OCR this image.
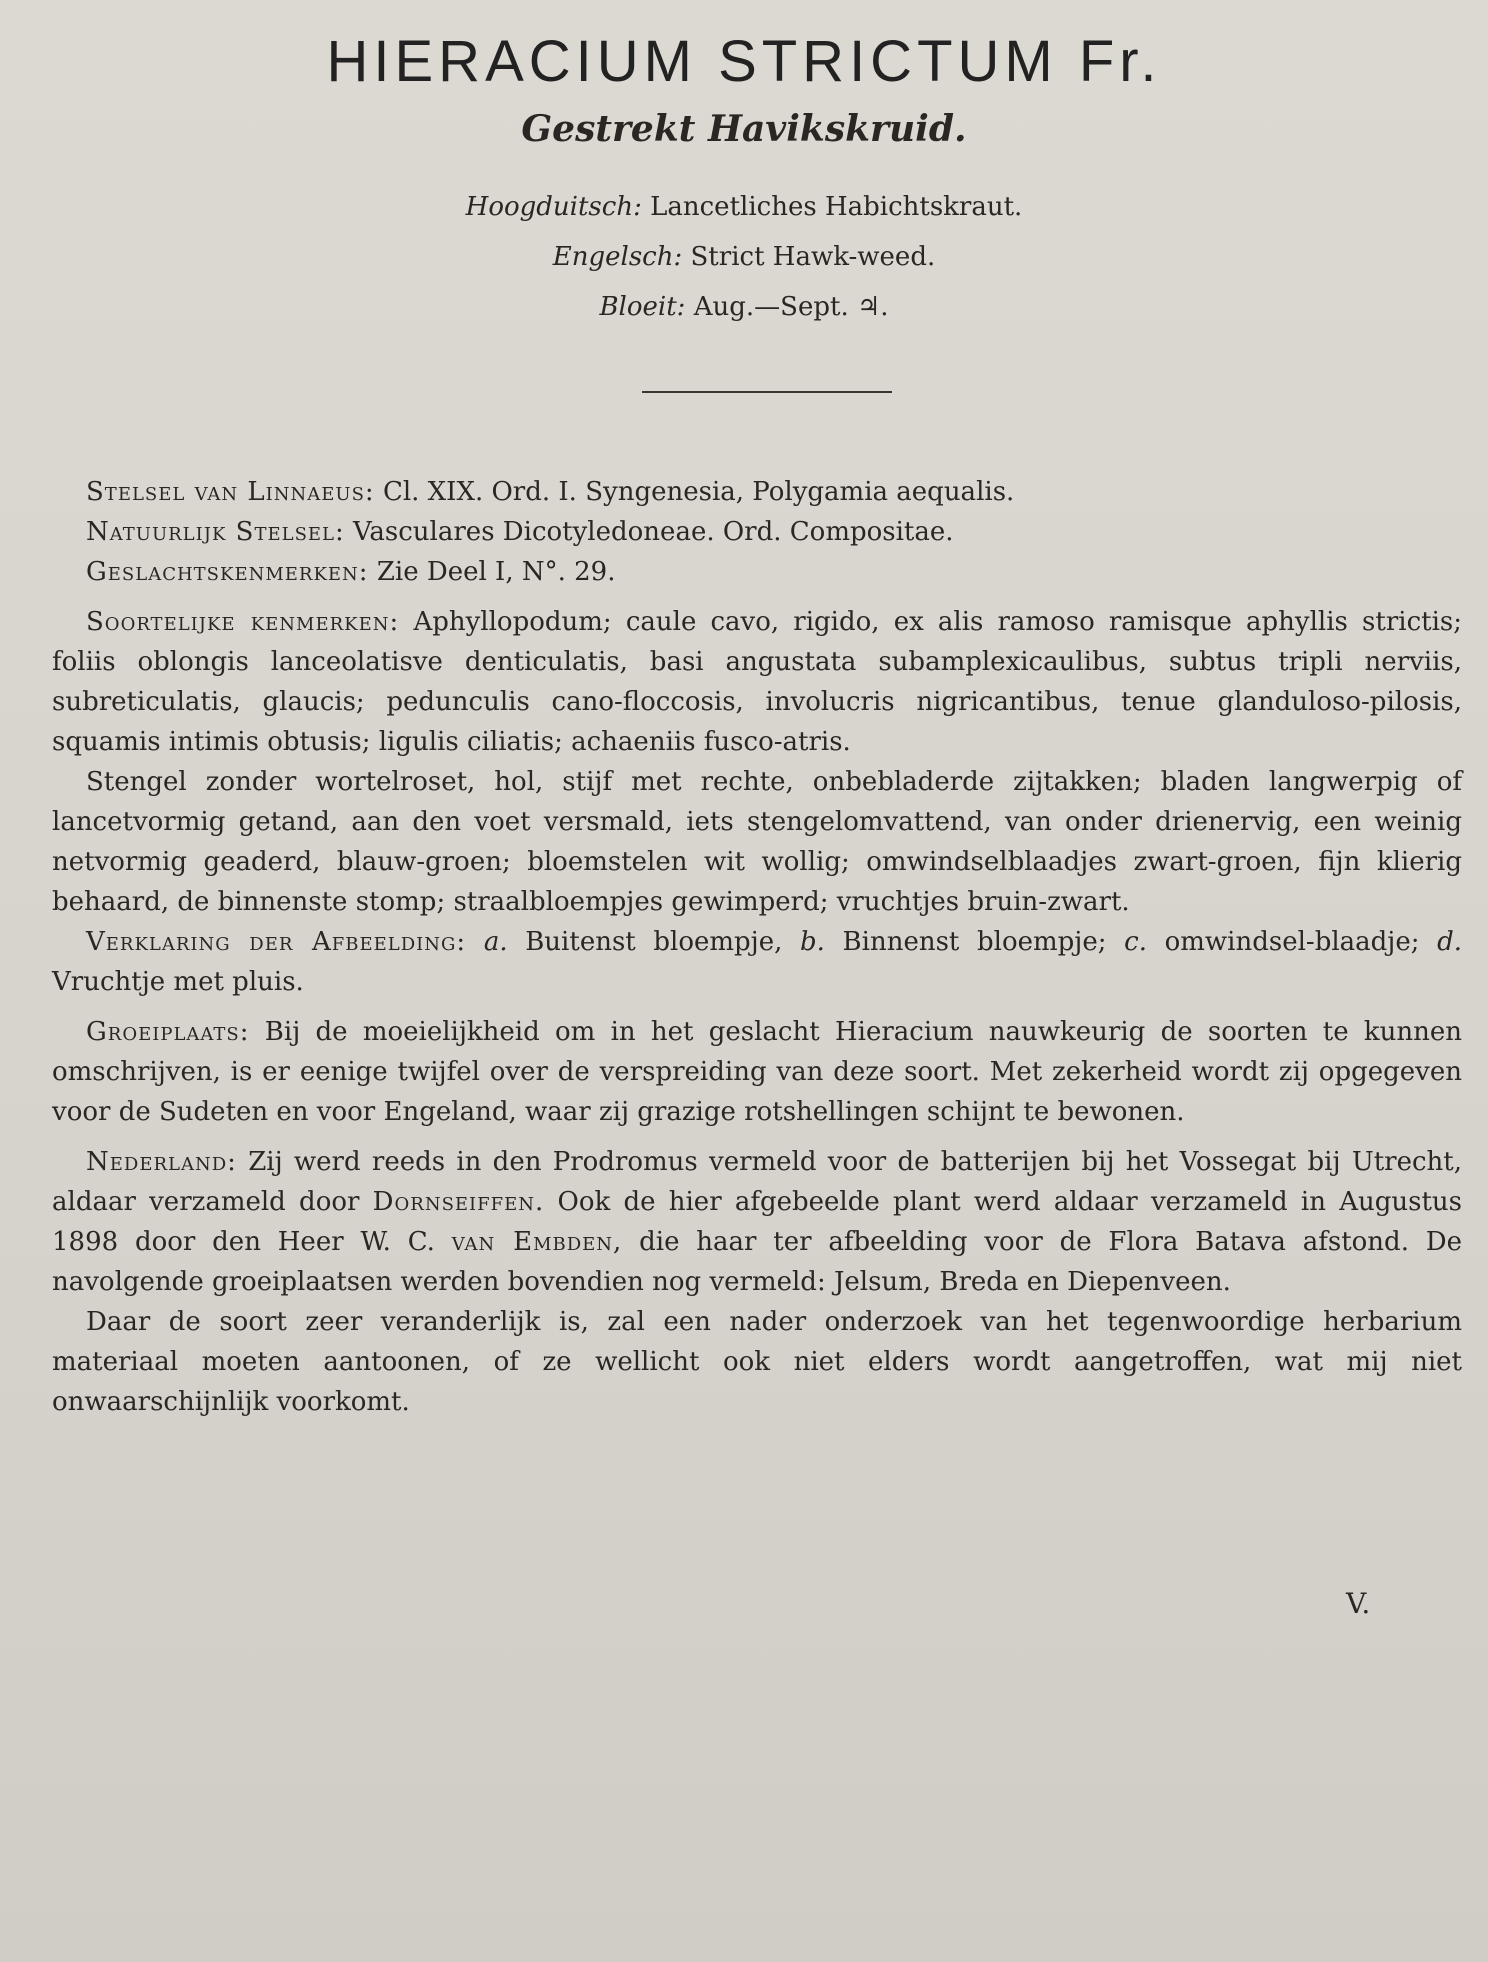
HIERACIUM STRICTUM Fr.
Gestrekt Havikskruid.
Hoogduitsch: Lancetliches Habichtskraut.
Engelsch: Strict Hawk-weed.
Bloeit: Aug.—Sept. ♃.

Stelsel van Linnaeus: Cl. XIX. Ord. I. Syngenesia, Polygamia aequalis.

Natuurlijk Stelsel: Vasculares Dicotyledoneae. Ord. Compositae.

Geslachtskenmerken: Zie Deel I, N°. 29.

Soortelijke kenmerken: Aphyllopodum; caule cavo, rigido, ex alis ramoso ramisque aphyllis strictis; foliis oblongis lanceolatisve denticulatis, basi angustata subamplexicaulibus, subtus tripli nerviis, subreticulatis, glaucis; pedunculis cano-floccosis, involucris nigricantibus, tenue glanduloso-pilosis, squamis intimis obtusis; ligulis ciliatis; achaeniis fusco-atris.

Stengel zonder wortelroset, hol, stijf met rechte, onbebladerde zijtakken; bladen langwerpig of lancetvormig getand, aan den voet versmald, iets stengelomvattend, van onder drienervig, een weinig netvormig geaderd, blauw-groen; bloemstelen wit wollig; omwindselblaadjes zwart-groen, fijn klierig behaard, de binnenste stomp; straalbloempjes gewimperd; vruchtjes bruin-zwart.

Verklaring der Afbeelding: a. Buitenst bloempje, b. Binnenst bloempje; c. omwindsel-blaadje; d. Vruchtje met pluis.

Groeiplaats: Bij de moeielijkheid om in het geslacht Hieracium nauwkeurig de soorten te kunnen omschrijven, is er eenige twijfel over de verspreiding van deze soort. Met zekerheid wordt zij opgegeven voor de Sudeten en voor Engeland, waar zij grazige rotshellingen schijnt te bewonen.

Nederland: Zij werd reeds in den Prodromus vermeld voor de batterijen bij het Vossegat bij Utrecht, aldaar verzameld door Dornseiffen. Ook de hier afgebeelde plant werd aldaar verzameld in Augustus 1898 door den Heer W. C. van Embden, die haar ter afbeelding voor de Flora Batava afstond. De navolgende groeiplaatsen werden bovendien nog vermeld: Jelsum, Breda en Diepenveen.

Daar de soort zeer veranderlijk is, zal een nader onderzoek van het tegenwoordige herbarium materiaal moeten aantoonen, of ze wellicht ook niet elders wordt aangetroffen, wat mij niet onwaarschijnlijk voorkomt.

V.
